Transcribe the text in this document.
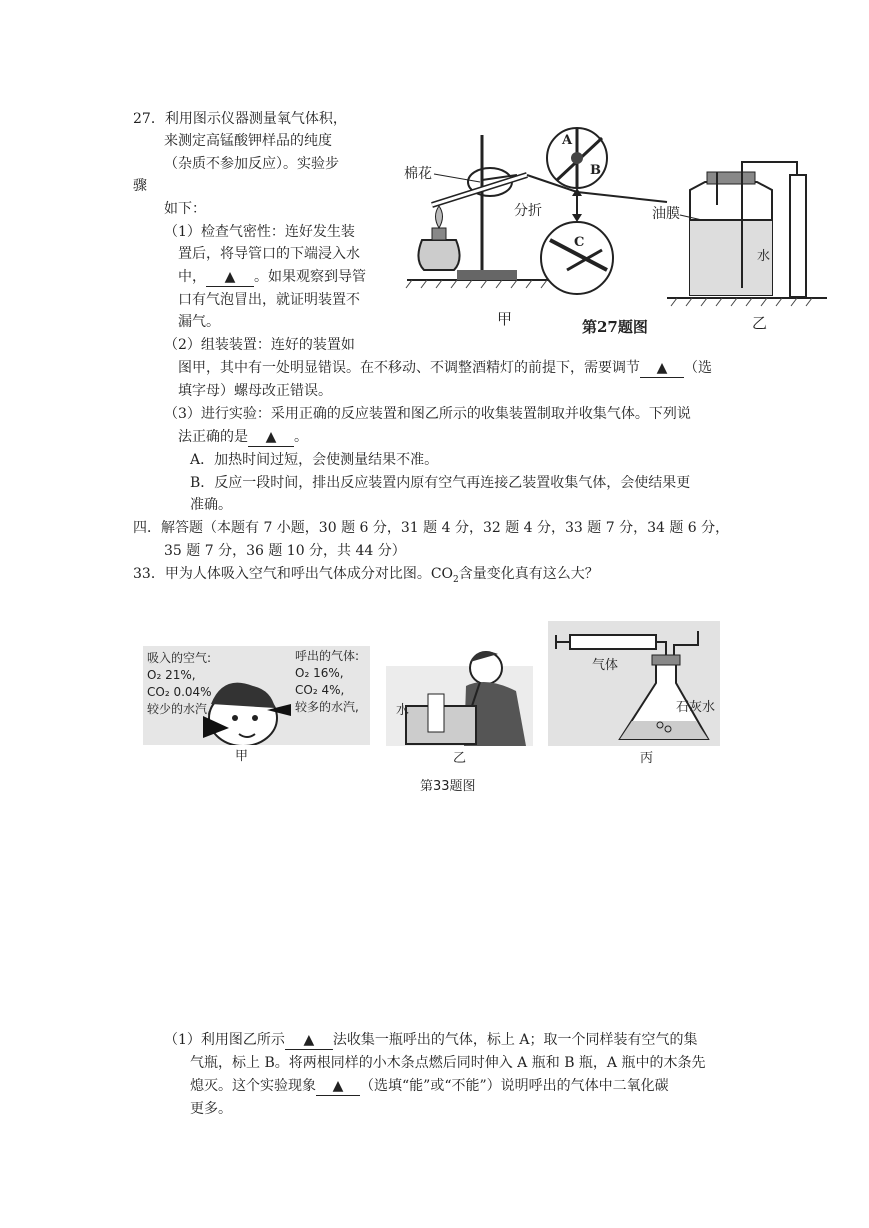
27．利用图示仪器测量氧气体积，
来测定高锰酸钾样品的纯度
（杂质不参加反应）。实验步
骤
如下：
（1）检查气密性：连好发生装
置后，将导管口的下端浸入水
中， ▲ 。如果观察到导管
口有气泡冒出，就证明装置不
漏气。
（2）组装装置：连好的装置如
图甲，其中有一处明显错误。在不移动、不调整酒精灯的前提下，需要调节 ▲ （选
填字母）螺母改正错误。
（3）进行实验：采用正确的反应装置和图乙所示的收集装置制取并收集气体。下列说
法正确的是 ▲ 。
A．加热时间过短，会使测量结果不准。
B．反应一段时间，排出反应装置内原有空气再连接乙装置收集气体，会使结果更
准确。
棉花
分折
A
B
C
油膜
水
甲	第27题图	乙
四．解答题（本题有 7 小题，30 题 6 分，31 题 4 分，32 题 4 分，33 题 7 分，34 题 6 分，
35 题 7 分，36 题 10 分，共 44 分）
33．甲为人体吸入空气和呼出气体成分对比图。$CO_2$含量变化真有这么大？
吸入的空气:
O₂ 21%,
CO₂ 0.04%
较少的水汽,
呼出的气体:
O₂ 16%,
CO₂ 4%,
较多的水汽,	水
气体
石灰水
甲	乙	丙
第33题图
（1）利用图乙所示 ▲ 法收集一瓶呼出的气体，标上 A；取一个同样装有空气的集
气瓶，标上 B。将两根同样的小木条点燃后同时伸入 A 瓶和 B 瓶，A 瓶中的木条先
熄灭。这个实验现象 ▲ （选填“能”或“不能”）说明呼出的气体中二氧化碳
更多。
